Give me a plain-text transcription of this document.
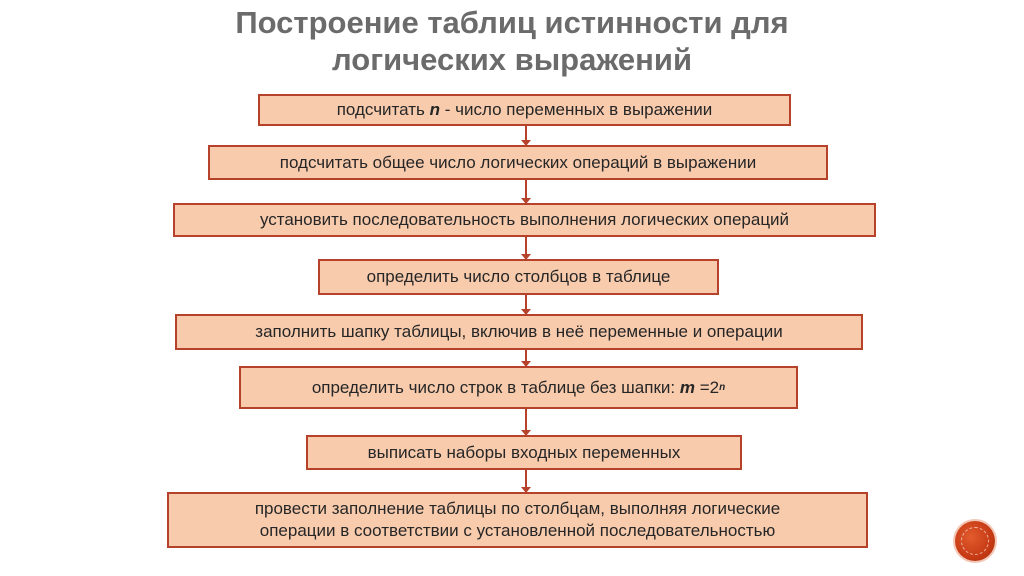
Построение таблиц истинности для
логических выражений
подсчитать n - число переменных в выражении
подсчитать общее число логических операций в выражении
установить последовательность выполнения логических операций
определить число столбцов в таблице
заполнить шапку таблицы, включив в неё переменные и операции
определить число строк в таблице без шапки: m =2 n
выписать наборы входных переменных
провести заполнение таблицы по столбцам, выполняя логические
операции в соответствии с установленной последовательностью
